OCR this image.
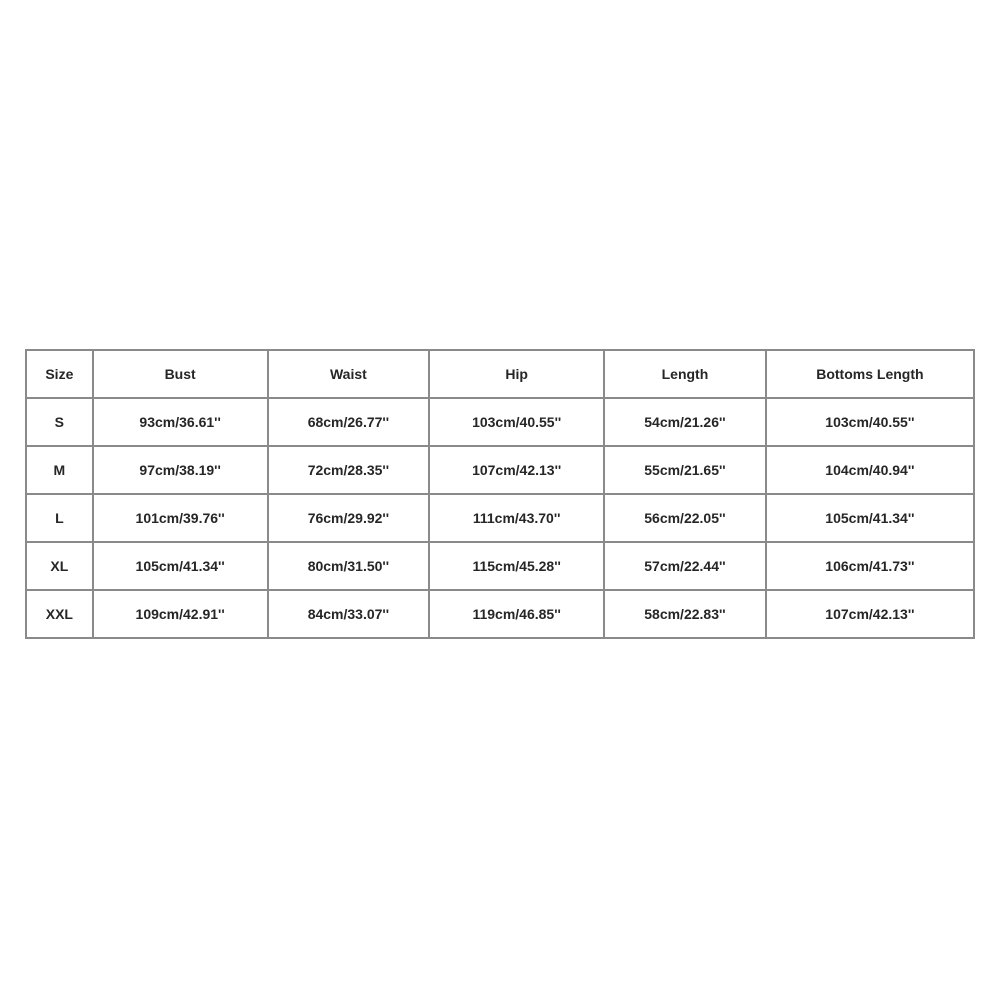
Size	Bust	Waist	Hip	Length	Bottoms Length
S	93cm/36.61''	68cm/26.77''	103cm/40.55''	54cm/21.26''	103cm/40.55''
M	97cm/38.19''	72cm/28.35''	107cm/42.13''	55cm/21.65''	104cm/40.94''
L	101cm/39.76''	76cm/29.92''	111cm/43.70''	56cm/22.05''	105cm/41.34''
XL	105cm/41.34''	80cm/31.50''	115cm/45.28''	57cm/22.44''	106cm/41.73''
XXL	109cm/42.91''	84cm/33.07''	119cm/46.85''	58cm/22.83''	107cm/42.13''
